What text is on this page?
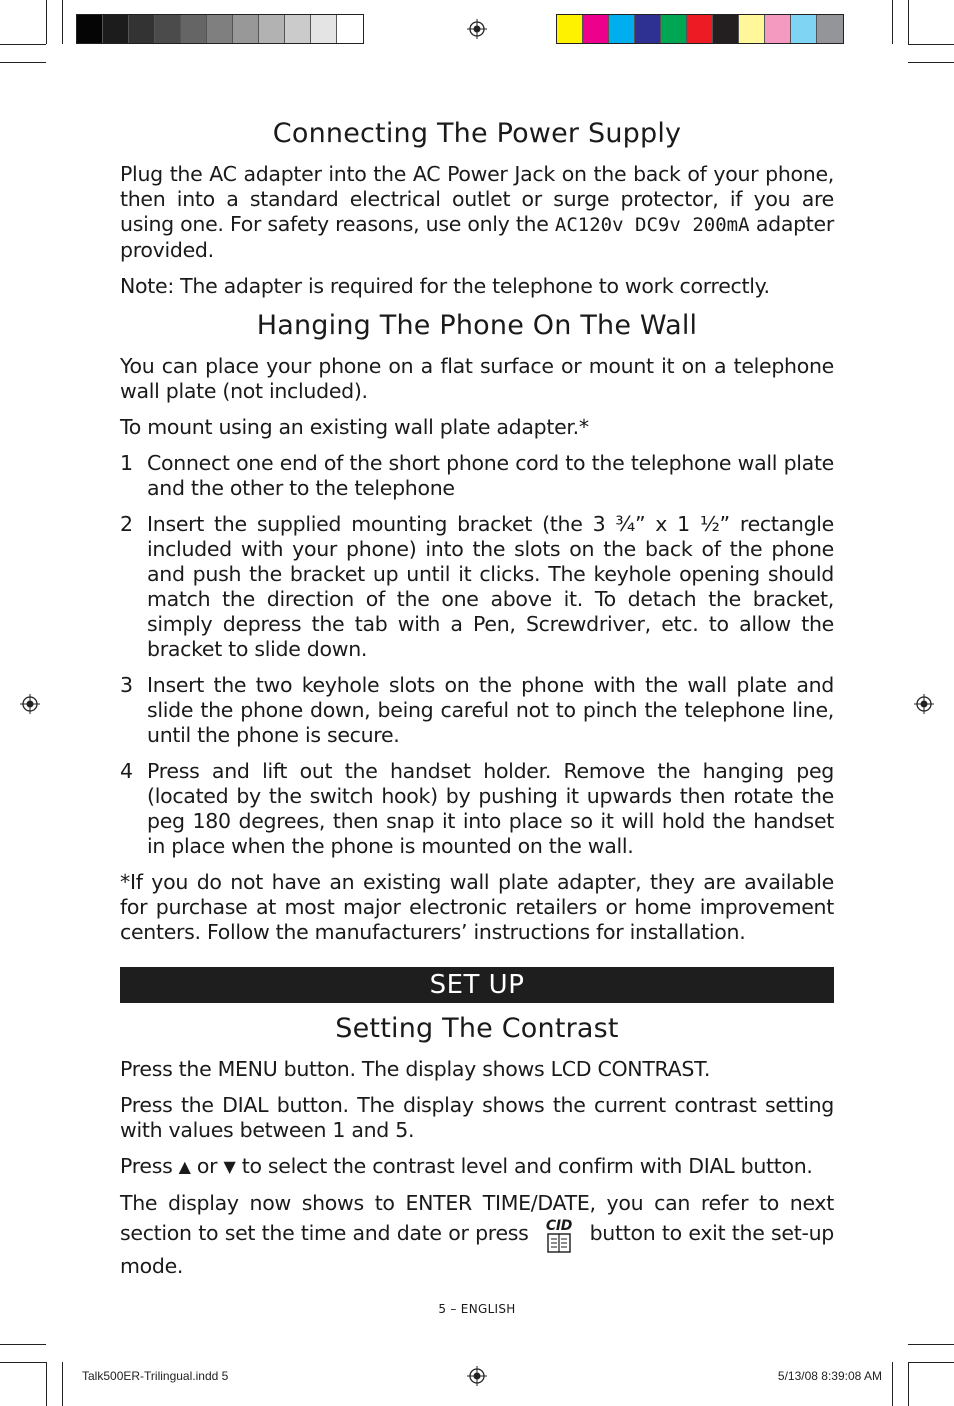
Connecting The Power Supply

Plug the AC adapter into the AC Power Jack on the back of your phone, then into a standard electrical outlet or surge protector, if you are using one. For safety reasons, use only the AC120v DC9v 200mA adapter provided.

Note: The adapter is required for the telephone to work correctly.

Hanging The Phone On The Wall

You can place your phone on a flat surface or mount it on a telephone wall plate (not included).

To mount using an existing wall plate adapter.*

1 Connect one end of the short phone cord to the telephone wall plate and the other to the telephone
2 Insert the supplied mounting bracket (the 3 ¾” x 1 ½” rectangle included with your phone) into the slots on the back of the phone and push the bracket up until it clicks. The keyhole opening should match the direction of the one above it. To detach the bracket, simply depress the tab with a Pen, Screwdriver, etc. to allow the bracket to slide down.
3 Insert the two keyhole slots on the phone with the wall plate and slide the phone down, being careful not to pinch the telephone line, until the phone is secure.
4 Press and lift out the handset holder. Remove the hanging peg (located by the switch hook) by pushing it upwards then rotate the peg 180 degrees, then snap it into place so it will hold the handset in place when the phone is mounted on the wall.

*If you do not have an existing wall plate adapter, they are available for purchase at most major electronic retailers or home improvement centers. Follow the manufacturers’ instructions for installation.

SET UP
Setting The Contrast

Press the MENU button. The display shows LCD CONTRAST.

Press the DIAL button. The display shows the current contrast setting with values between 1 and 5.

Press ▲ or ▼ to select the contrast level and confirm with DIAL button.

The display now shows to ENTER TIME/DATE, you can refer to next section to set the time and date or press CID button to exit the set-up mode.

5 – ENGLISH
Talk500ER-Trilingual.indd 5	5/13/08 8:39:08 AM
